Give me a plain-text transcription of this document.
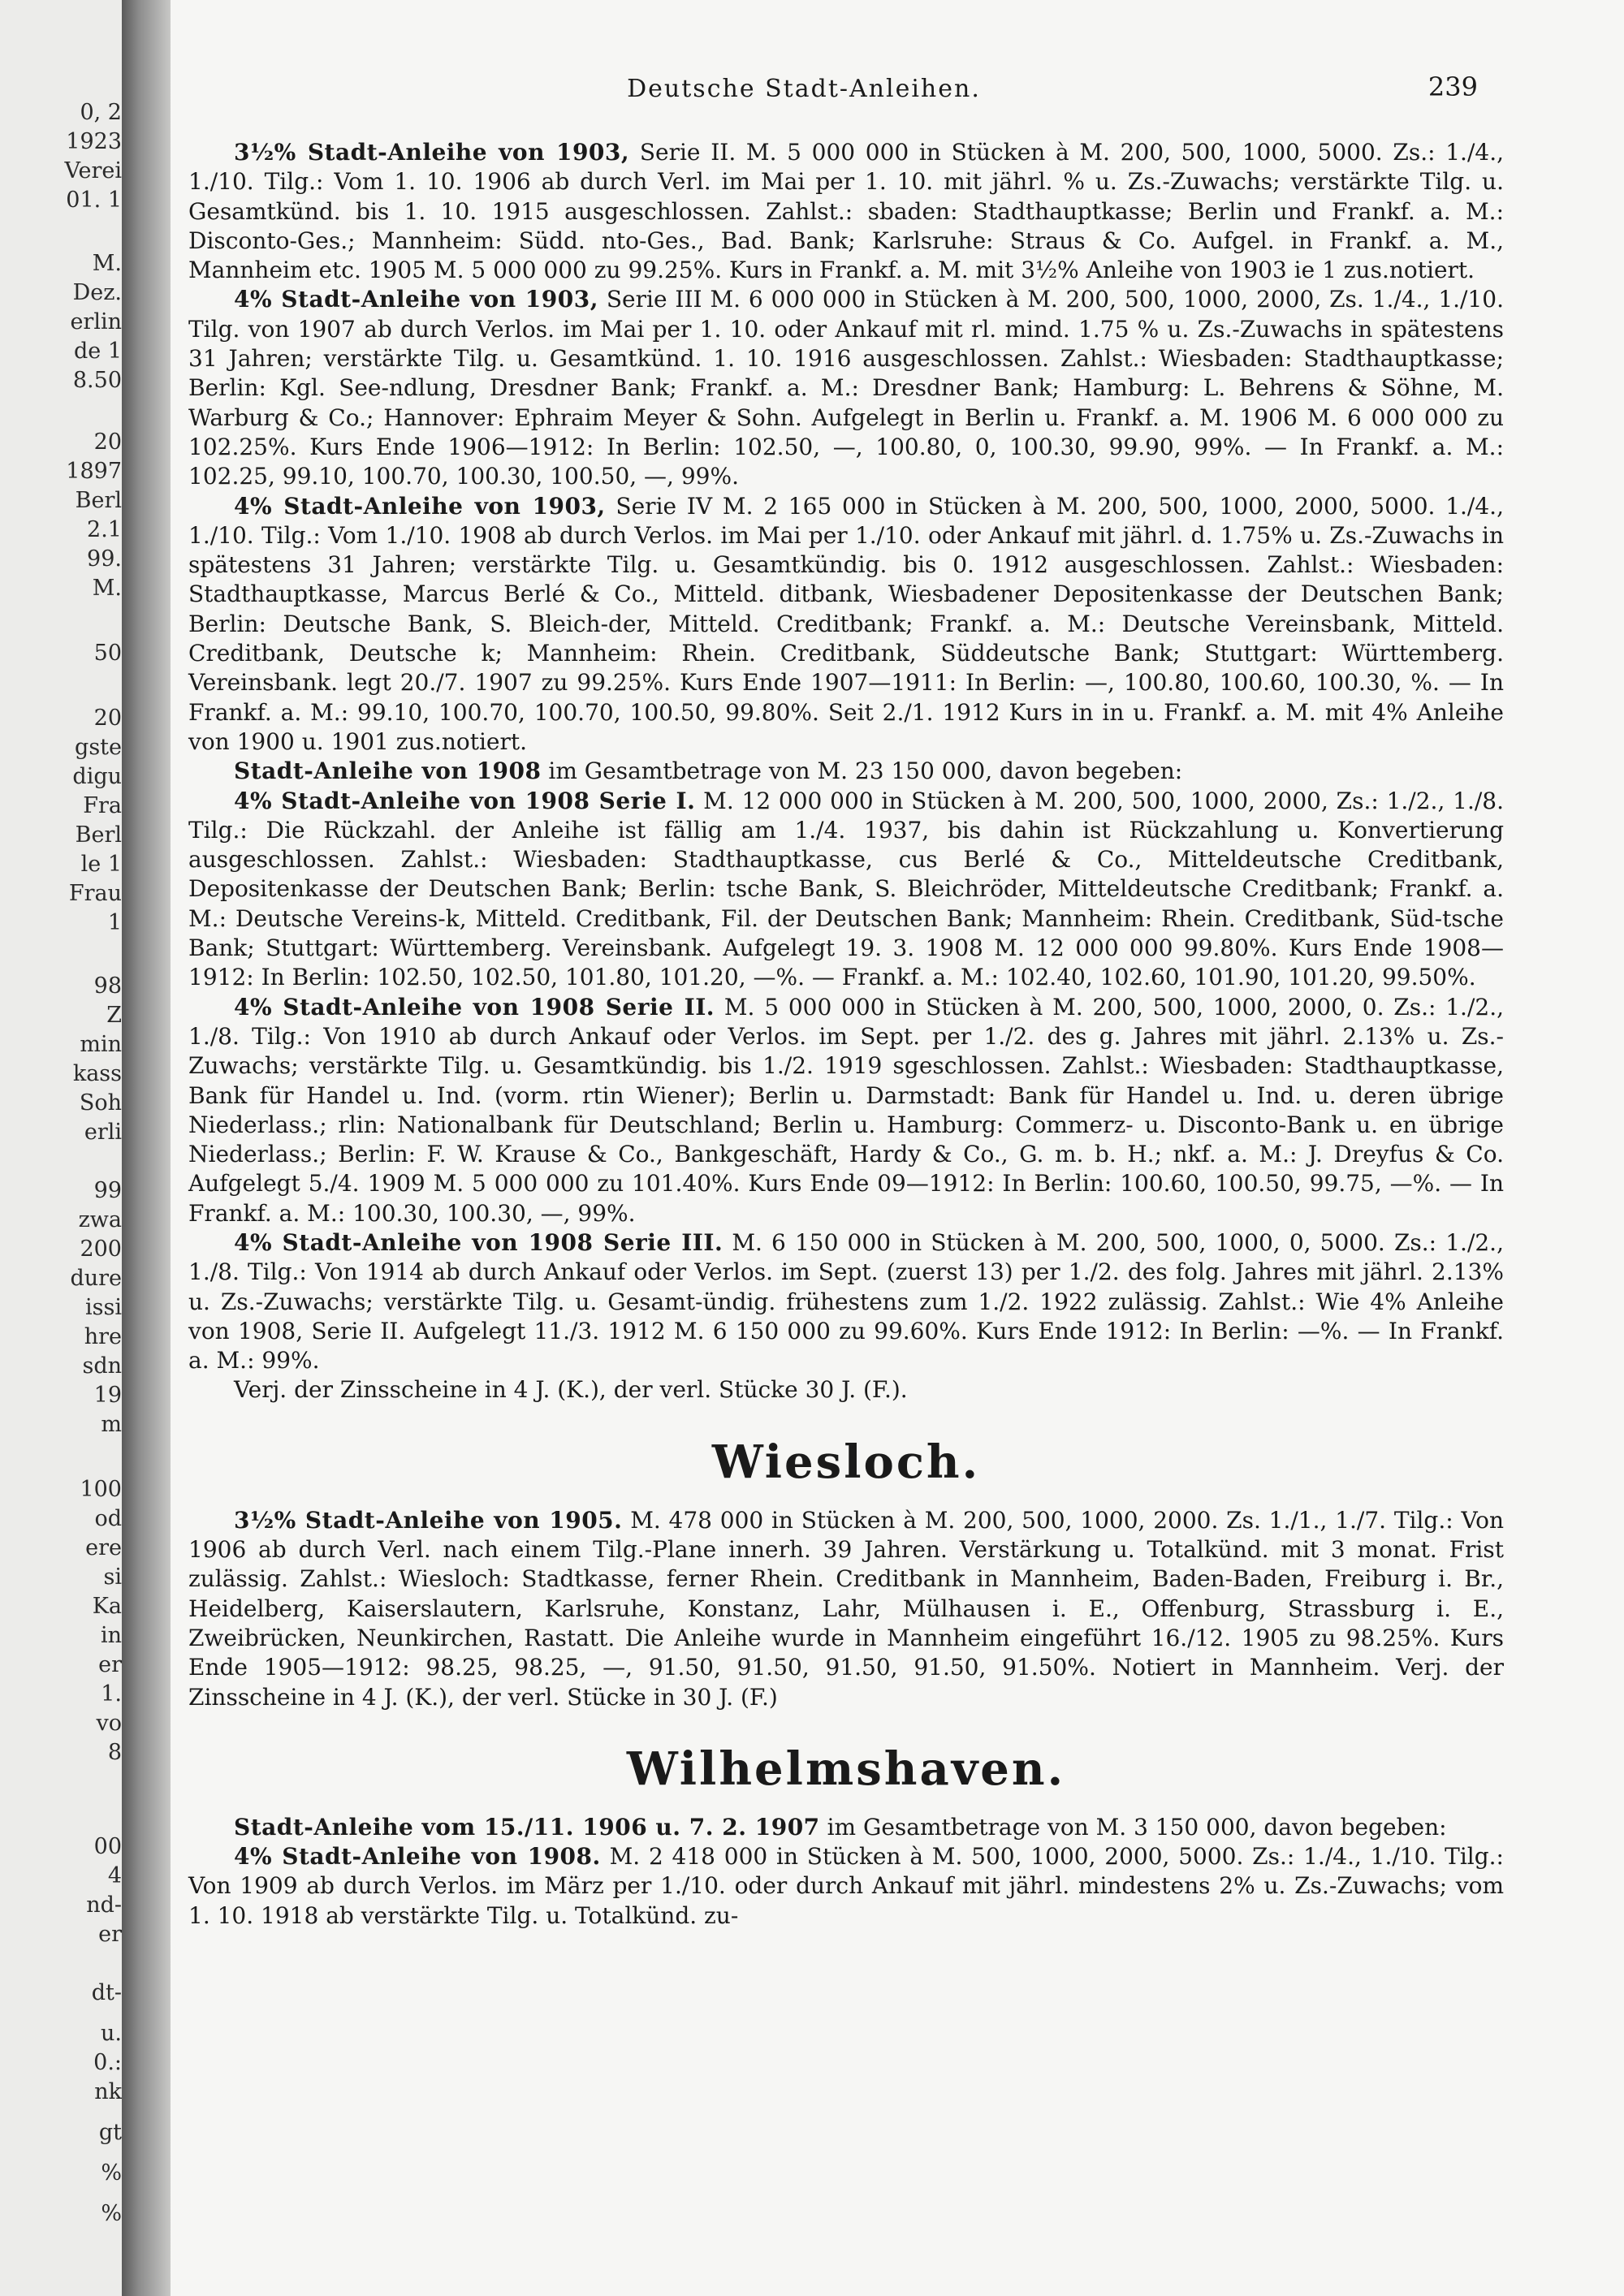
0, 2
1923
Verei
01. 1
M.
Dez.
erlin
de 1
8.50
20
1897
Berl
2.1
99.
M.
50
20
gste
digu
Fra
Berl
le 1
Frau
1
98
Z
min
kass
Soh
erli
99
zwa
200
dure
issi
hre
sdn
19
m
100
od
ere
si
Ka
in
er
1.
vo
8
00
4
nd-
er
dt-
u.
0.:
nk
gt
%
%
Deutsche Stadt-Anleihen.	239

3½% Stadt-Anleihe von 1903, Serie II. M. 5 000 000 in Stücken à M. 200, 500, 1000, 5000. Zs.: 1./4., 1./10. Tilg.: Vom 1. 10. 1906 ab durch Verl. im Mai per 1. 10. mit jährl. % u. Zs.-Zuwachs; verstärkte Tilg. u. Gesamtkünd. bis 1. 10. 1915 ausgeschlossen. Zahlst.: sbaden: Stadthauptkasse; Berlin und Frankf. a. M.: Disconto-Ges.; Mannheim: Südd. nto-Ges., Bad. Bank; Karlsruhe: Straus & Co. Aufgel. in Frankf. a. M., Mannheim etc. 1905 M. 5 000 000 zu 99.25%. Kurs in Frankf. a. M. mit 3½% Anleihe von 1903 ie 1 zus.notiert.

4% Stadt-Anleihe von 1903, Serie III M. 6 000 000 in Stücken à M. 200, 500, 1000, 2000, Zs. 1./4., 1./10. Tilg. von 1907 ab durch Verlos. im Mai per 1. 10. oder Ankauf mit rl. mind. 1.75 % u. Zs.-Zuwachs in spätestens 31 Jahren; verstärkte Tilg. u. Gesamtkünd. 1. 10. 1916 ausgeschlossen. Zahlst.: Wiesbaden: Stadthauptkasse; Berlin: Kgl. See-ndlung, Dresdner Bank; Frankf. a. M.: Dresdner Bank; Hamburg: L. Behrens & Söhne, M. Warburg & Co.; Hannover: Ephraim Meyer & Sohn. Aufgelegt in Berlin u. Frankf. a. M. 1906 M. 6 000 000 zu 102.25%. Kurs Ende 1906—1912: In Berlin: 102.50, —, 100.80, 0, 100.30, 99.90, 99%. — In Frankf. a. M.: 102.25, 99.10, 100.70, 100.30, 100.50, —, 99%.

4% Stadt-Anleihe von 1903, Serie IV M. 2 165 000 in Stücken à M. 200, 500, 1000, 2000, 5000. 1./4., 1./10. Tilg.: Vom 1./10. 1908 ab durch Verlos. im Mai per 1./10. oder Ankauf mit jährl. d. 1.75% u. Zs.-Zuwachs in spätestens 31 Jahren; verstärkte Tilg. u. Gesamtkündig. bis 0. 1912 ausgeschlossen. Zahlst.: Wiesbaden: Stadthauptkasse, Marcus Berlé & Co., Mitteld. ditbank, Wiesbadener Depositenkasse der Deutschen Bank; Berlin: Deutsche Bank, S. Bleich-der, Mitteld. Creditbank; Frankf. a. M.: Deutsche Vereinsbank, Mitteld. Creditbank, Deutsche k; Mannheim: Rhein. Creditbank, Süddeutsche Bank; Stuttgart: Württemberg. Vereinsbank. legt 20./7. 1907 zu 99.25%. Kurs Ende 1907—1911: In Berlin: —, 100.80, 100.60, 100.30, %. — In Frankf. a. M.: 99.10, 100.70, 100.70, 100.50, 99.80%. Seit 2./1. 1912 Kurs in in u. Frankf. a. M. mit 4% Anleihe von 1900 u. 1901 zus.notiert.

Stadt-Anleihe von 1908 im Gesamtbetrage von M. 23 150 000, davon begeben:

4% Stadt-Anleihe von 1908 Serie I. M. 12 000 000 in Stücken à M. 200, 500, 1000, 2000, Zs.: 1./2., 1./8. Tilg.: Die Rückzahl. der Anleihe ist fällig am 1./4. 1937, bis dahin ist Rückzahlung u. Konvertierung ausgeschlossen. Zahlst.: Wiesbaden: Stadthauptkasse, cus Berlé & Co., Mitteldeutsche Creditbank, Depositenkasse der Deutschen Bank; Berlin: tsche Bank, S. Bleichröder, Mitteldeutsche Creditbank; Frankf. a. M.: Deutsche Vereins-k, Mitteld. Creditbank, Fil. der Deutschen Bank; Mannheim: Rhein. Creditbank, Süd-tsche Bank; Stuttgart: Württemberg. Vereinsbank. Aufgelegt 19. 3. 1908 M. 12 000 000 99.80%. Kurs Ende 1908—1912: In Berlin: 102.50, 102.50, 101.80, 101.20, —%. — Frankf. a. M.: 102.40, 102.60, 101.90, 101.20, 99.50%.

4% Stadt-Anleihe von 1908 Serie II. M. 5 000 000 in Stücken à M. 200, 500, 1000, 2000, 0. Zs.: 1./2., 1./8. Tilg.: Von 1910 ab durch Ankauf oder Verlos. im Sept. per 1./2. des g. Jahres mit jährl. 2.13% u. Zs.-Zuwachs; verstärkte Tilg. u. Gesamtkündig. bis 1./2. 1919 sgeschlossen. Zahlst.: Wiesbaden: Stadthauptkasse, Bank für Handel u. Ind. (vorm. rtin Wiener); Berlin u. Darmstadt: Bank für Handel u. Ind. u. deren übrige Niederlass.; rlin: Nationalbank für Deutschland; Berlin u. Hamburg: Commerz- u. Disconto-Bank u. en übrige Niederlass.; Berlin: F. W. Krause & Co., Bankgeschäft, Hardy & Co., G. m. b. H.; nkf. a. M.: J. Dreyfus & Co. Aufgelegt 5./4. 1909 M. 5 000 000 zu 101.40%. Kurs Ende 09—1912: In Berlin: 100.60, 100.50, 99.75, —%. — In Frankf. a. M.: 100.30, 100.30, —, 99%.

4% Stadt-Anleihe von 1908 Serie III. M. 6 150 000 in Stücken à M. 200, 500, 1000, 0, 5000. Zs.: 1./2., 1./8. Tilg.: Von 1914 ab durch Ankauf oder Verlos. im Sept. (zuerst 13) per 1./2. des folg. Jahres mit jährl. 2.13% u. Zs.-Zuwachs; verstärkte Tilg. u. Gesamt-ündig. frühestens zum 1./2. 1922 zulässig. Zahlst.: Wie 4% Anleihe von 1908, Serie II. Aufgelegt 11./3. 1912 M. 6 150 000 zu 99.60%. Kurs Ende 1912: In Berlin: —%. — In Frankf. a. M.: 99%.

Verj. der Zinsscheine in 4 J. (K.), der verl. Stücke 30 J. (F.).

Wiesloch.

3½% Stadt-Anleihe von 1905. M. 478 000 in Stücken à M. 200, 500, 1000, 2000. Zs. 1./1., 1./7. Tilg.: Von 1906 ab durch Verl. nach einem Tilg.-Plane innerh. 39 Jahren. Verstärkung u. Totalkünd. mit 3 monat. Frist zulässig. Zahlst.: Wiesloch: Stadtkasse, ferner Rhein. Creditbank in Mannheim, Baden-Baden, Freiburg i. Br., Heidelberg, Kaiserslautern, Karlsruhe, Konstanz, Lahr, Mülhausen i. E., Offenburg, Strassburg i. E., Zweibrücken, Neunkirchen, Rastatt. Die Anleihe wurde in Mannheim eingeführt 16./12. 1905 zu 98.25%. Kurs Ende 1905—1912: 98.25, 98.25, —, 91.50, 91.50, 91.50, 91.50, 91.50%. Notiert in Mannheim. Verj. der Zinsscheine in 4 J. (K.), der verl. Stücke in 30 J. (F.)

Wilhelmshaven.

Stadt-Anleihe vom 15./11. 1906 u. 7. 2. 1907 im Gesamtbetrage von M. 3 150 000, davon begeben:

4% Stadt-Anleihe von 1908. M. 2 418 000 in Stücken à M. 500, 1000, 2000, 5000. Zs.: 1./4., 1./10. Tilg.: Von 1909 ab durch Verlos. im März per 1./10. oder durch Ankauf mit jährl. mindestens 2% u. Zs.-Zuwachs; vom 1. 10. 1918 ab verstärkte Tilg. u. Totalkünd. zu-
